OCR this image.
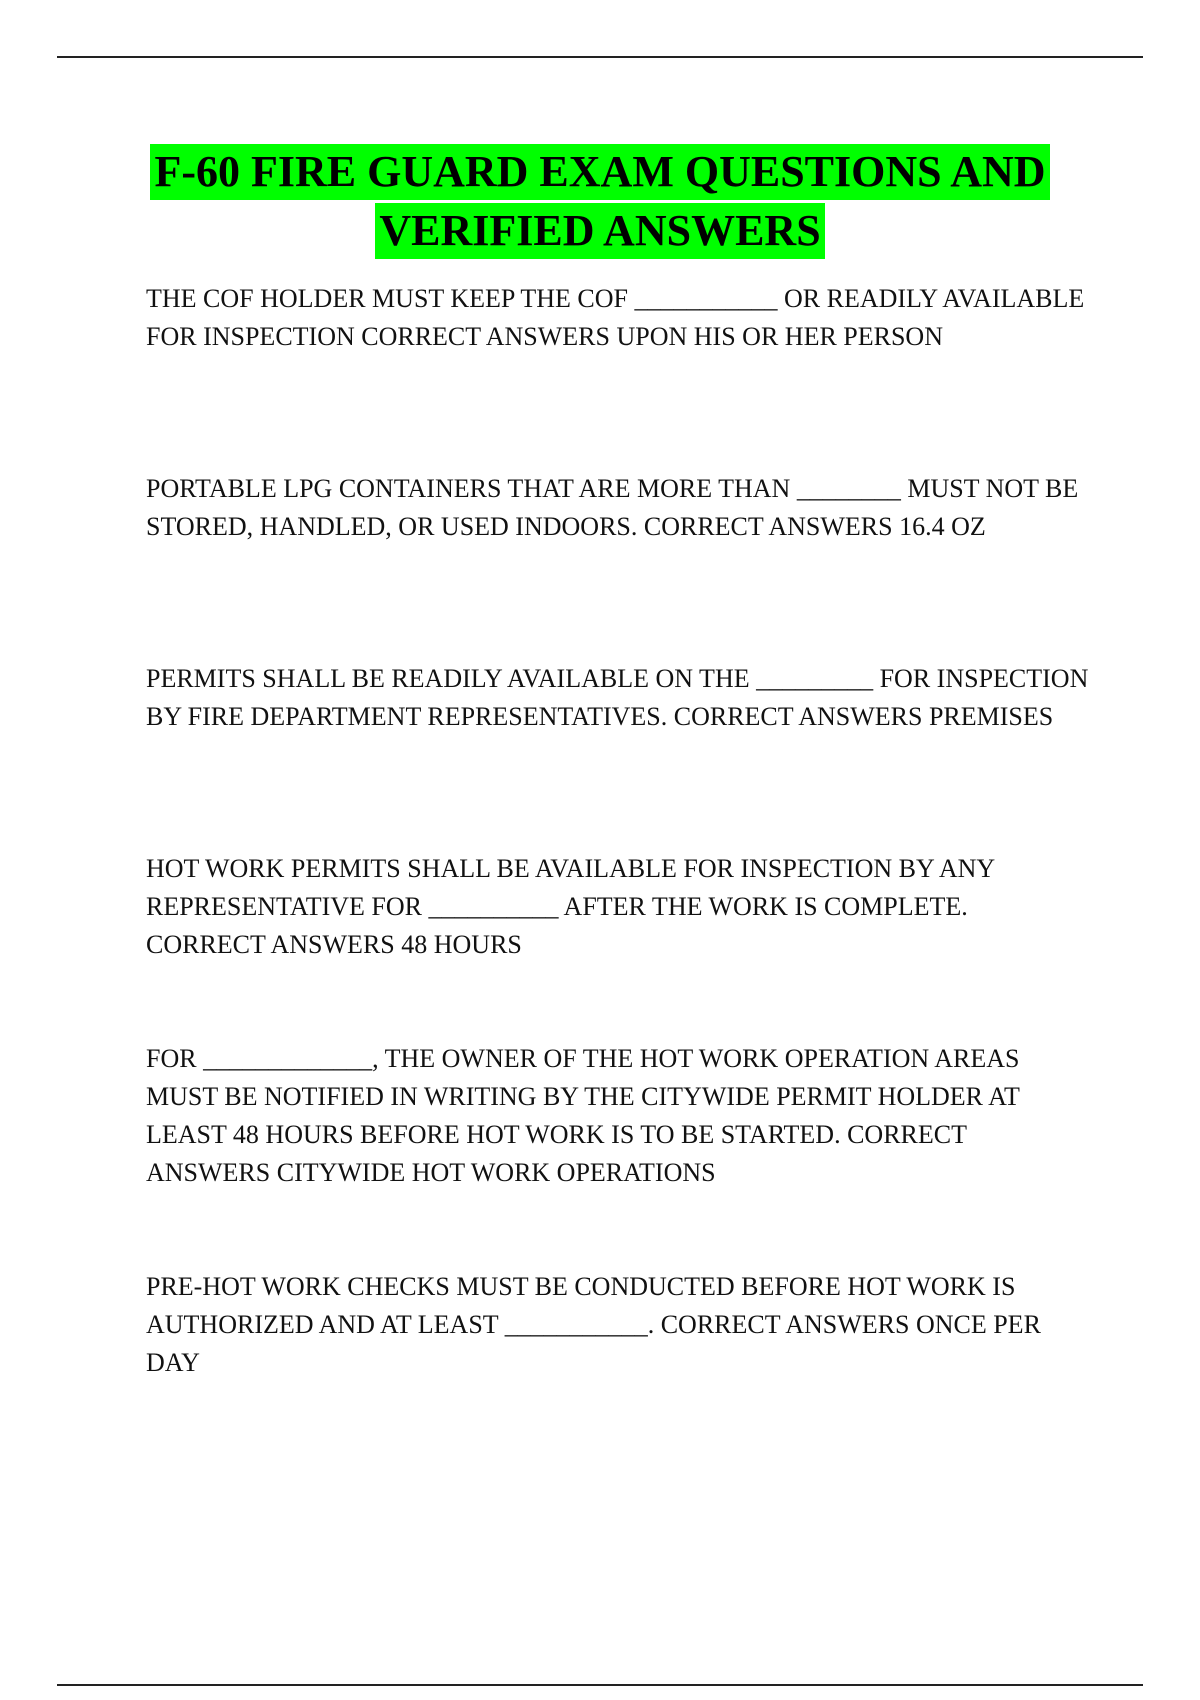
F-60 FIRE GUARD EXAM QUESTIONS AND
VERIFIED ANSWERS
THE COF HOLDER MUST KEEP THE COF ___________ OR READILY AVAILABLE FOR INSPECTION CORRECT ANSWERS UPON HIS OR HER PERSON
PORTABLE LPG CONTAINERS THAT ARE MORE THAN ________ MUST NOT BE STORED, HANDLED, OR USED INDOORS. CORRECT ANSWERS 16.4 OZ
PERMITS SHALL BE READILY AVAILABLE ON THE _________ FOR INSPECTION BY FIRE DEPARTMENT REPRESENTATIVES. CORRECT ANSWERS PREMISES
HOT WORK PERMITS SHALL BE AVAILABLE FOR INSPECTION BY ANY REPRESENTATIVE FOR __________ AFTER THE WORK IS COMPLETE. CORRECT ANSWERS 48 HOURS
FOR _____________, THE OWNER OF THE HOT WORK OPERATION AREAS MUST BE NOTIFIED IN WRITING BY THE CITYWIDE PERMIT HOLDER AT LEAST 48 HOURS BEFORE HOT WORK IS TO BE STARTED. CORRECT ANSWERS CITYWIDE HOT WORK OPERATIONS
PRE-HOT WORK CHECKS MUST BE CONDUCTED BEFORE HOT WORK IS AUTHORIZED AND AT LEAST ___________. CORRECT ANSWERS ONCE PER DAY
